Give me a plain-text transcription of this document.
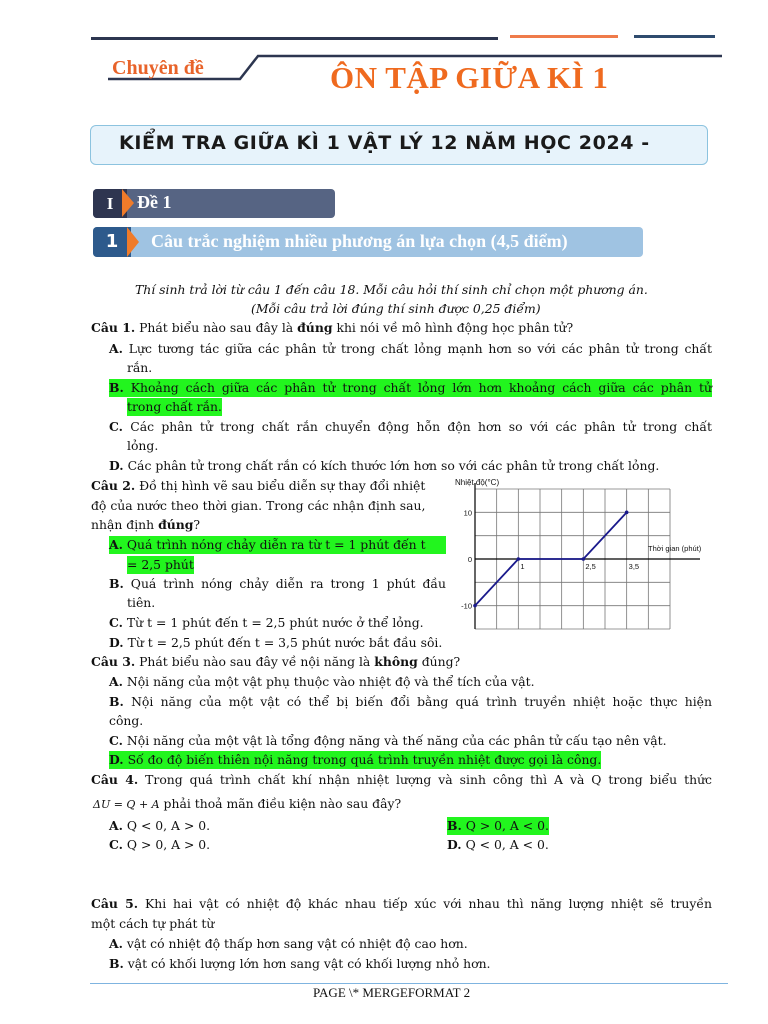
Chuyên đề	ÔN TẬP GIỮA KÌ 1
KIỂM TRA GIỮA KÌ 1 VẬT LÝ 12 NĂM HỌC 2024 -
I	Đề 1
1	Câu trắc nghiệm nhiều phương án lựa chọn (4,5 điểm)
Thí sinh trả lời từ câu 1 đến câu 18. Mỗi câu hỏi thí sinh chỉ chọn một phương án.
(Mỗi câu trả lời đúng thí sinh được 0,25 điểm)
Câu 1. Phát biểu nào sau đây là đúng khi nói về mô hình động học phân tử?
A. Lực tương tác giữa các phân tử trong chất lỏng mạnh hơn so với các phân tử trong chất
rắn.
B. Khoảng cách giữa các phân tử trong chất lỏng lớn hơn khoảng cách giữa các phân tử
trong chất rắn.
C. Các phân tử trong chất rắn chuyển động hỗn độn hơn so với các phân tử trong chất
lỏng.
D. Các phân tử trong chất rắn có kích thước lớn hơn so với các phân tử trong chất lỏng.
Câu 2. Đồ thị hình vẽ sau biểu diễn sự thay đổi nhiệt
độ của nước theo thời gian. Trong các nhận định sau,
nhận định đúng?
A. Quá trình nóng chảy diễn ra từ t = 1 phút đến t
= 2,5 phút
B. Quá trình nóng chảy diễn ra trong 1 phút đầu
tiên.
C. Từ t = 1 phút đến t = 2,5 phút nước ở thể lỏng.
D. Từ t = 2,5 phút đến t = 3,5 phút nước bắt đầu sôi.
Nhiệt độ(°C)
Thời gian (phút)
1	2,5	3,5
10
0
-10
Câu 3. Phát biểu nào sau đây về nội năng là không đúng?
A. Nội năng của một vật phụ thuộc vào nhiệt độ và thể tích của vật.
B. Nội năng của một vật có thể bị biến đổi bằng quá trình truyền nhiệt hoặc thực hiện
công.
C. Nội năng của một vật là tổng động năng và thế năng của các phân tử cấu tạo nên vật.
D. Số đo độ biến thiên nội năng trong quá trình truyền nhiệt được gọi là công.
Câu 4. Trong quá trình chất khí nhận nhiệt lượng và sinh công thì A và Q trong biểu thức
ΔU = Q + A phải thoả mãn điều kiện nào sau đây?
A. Q < 0, A > 0.	B. Q > 0, A < 0.
C. Q > 0, A > 0.	D. Q < 0, A < 0.
Câu 5. Khi hai vật có nhiệt độ khác nhau tiếp xúc với nhau thì năng lượng nhiệt sẽ truyền
một cách tự phát từ
A. vật có nhiệt độ thấp hơn sang vật có nhiệt độ cao hơn.
B. vật có khối lượng lớn hơn sang vật có khối lượng nhỏ hơn.
PAGE \* MERGEFORMAT 2
